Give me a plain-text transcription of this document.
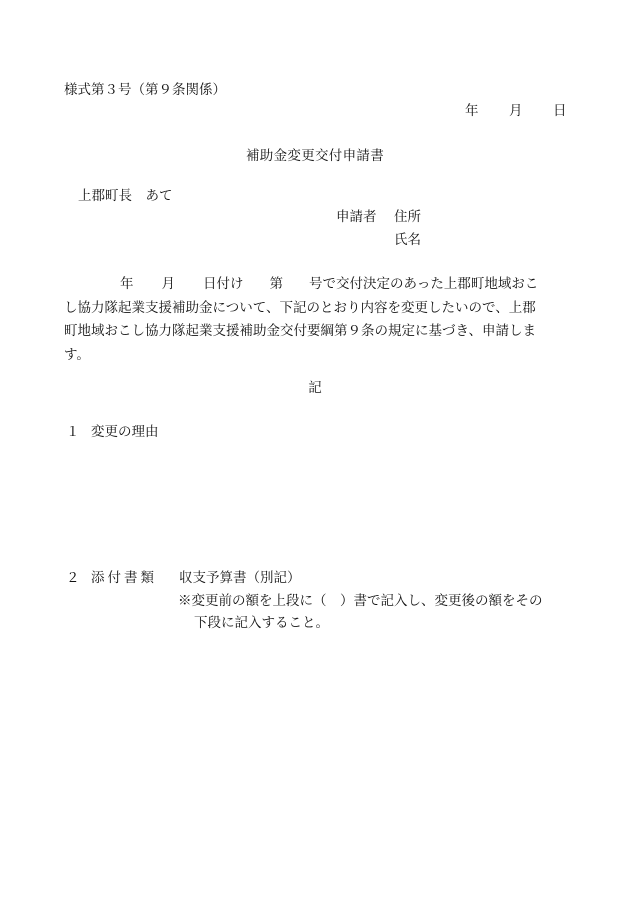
様式第３号（第９条関係）
年 月 日
補助金変更交付申請書
上郡町長　あて
申請者 住所
氏名
年 月 日付け 第 号で交付決定のあった上郡町地域おこ
し協力隊起業支援補助金について、下記のとおり内容を変更したいので、上郡
町地域おこし協力隊起業支援補助金交付要綱第９条の規定に基づき、申請しま
す。
記
１ 変更の理由
２ 添付書類 収支予算書（別記）
※変更前の額を上段に（　）書で記入し、変更後の額をその
下段に記入すること。
